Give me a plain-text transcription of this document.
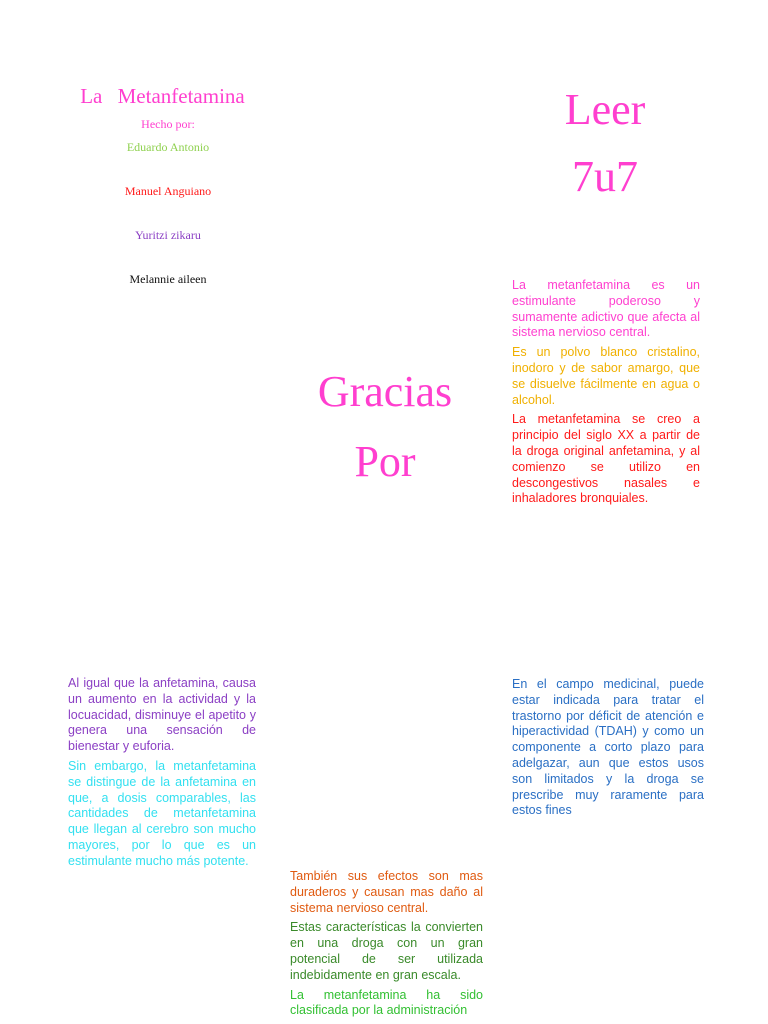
La Metanfetamina
Hecho por:
Eduardo Antonio
Manuel Anguiano
Yuritzi zikaru
Melannie aileen
Leer
7u7
Gracias
Por

La metanfetamina es un estimulante poderoso y sumamente adictivo que afecta al sistema nervioso central.

Es un polvo blanco cristalino, inodoro y de sabor amargo, que se disuelve fácilmente en agua o alcohol.

La metanfetamina se creo a principio del siglo XX a partir de la droga original anfetamina, y al comienzo se utilizo en descongestivos nasales e inhaladores bronquiales.

Al igual que la anfetamina, causa un aumento en la actividad y la locuacidad, disminuye el apetito y genera una sensación de bienestar y euforia.

Sin embargo, la metanfetamina se distingue de la anfetamina en que, a dosis comparables, las cantidades de metanfetamina que llegan al cerebro son mucho mayores, por lo que es un estimulante mucho más potente.

También sus efectos son mas duraderos y causan mas daño al sistema nervioso central.

Estas características la convierten en una droga con un gran potencial de ser utilizada indebidamente en gran escala.

La metanfetamina ha sido clasificada por la administración

En el campo medicinal, puede estar indicada para tratar el trastorno por déficit de atención e hiperactividad (TDAH) y como un componente a corto plazo para adelgazar, aun que estos usos son limitados y la droga se prescribe muy raramente para estos fines
